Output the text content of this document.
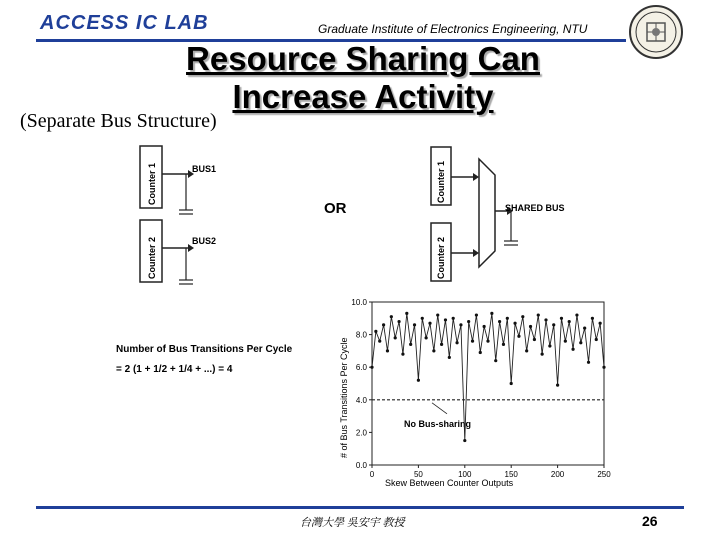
ACCESS IC LAB	Graduate Institute of Electronics Engineering, NTU
Resource Sharing Can Increase Activity
(Separate Bus Structure)
Counter 1
Counter 2
BUS1
BUS2
OR
Counter 1
Counter 2
SHARED BUS
Number of Bus Transitions Per Cycle
= 2 (1 + 1/2 + 1/4 + ...) = 4	# of Bus Transitions Per Cycle
Skew Between Counter Outputs
0.0
2.0
4.0
6.0
8.0
10.0
0	50	100	150	200	250
No Bus-sharing
台灣大學 吳安宇 教授	26
